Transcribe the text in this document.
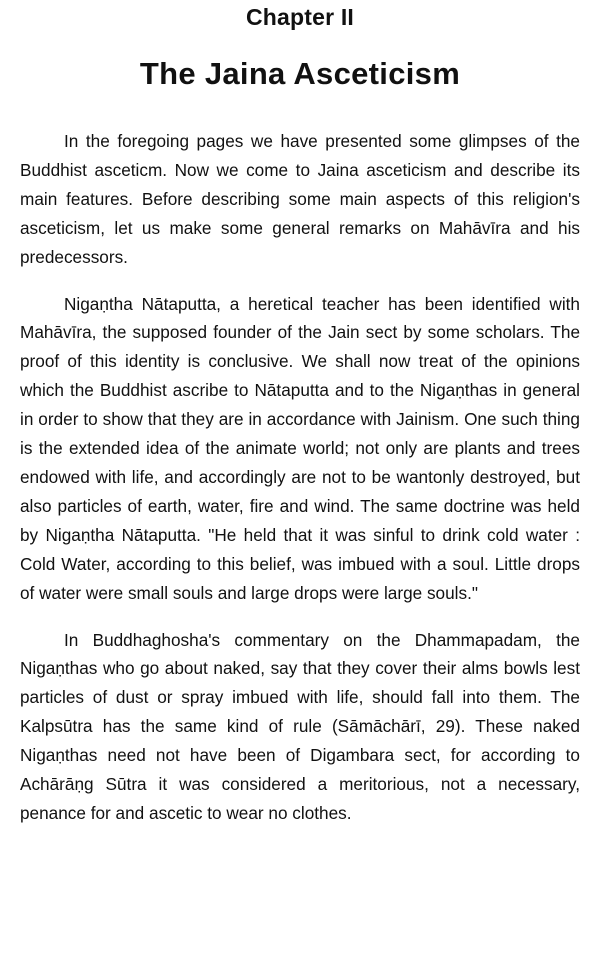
Chapter II
The Jaina Asceticism

In the foregoing pages we have presented some glimpses of the Buddhist asceticm. Now we come to Jaina asceticism and describe its main features. Before describing some main aspects of this religion's asceticism, let us make some general remarks on Mahāvīra and his predecessors.

Nigaṇtha Nātaputta, a heretical teacher has been identified with Mahāvīra, the supposed founder of the Jain sect by some scholars. The proof of this identity is conclusive. We shall now treat of the opinions which the Buddhist ascribe to Nātaputta and to the Nigaṇthas in general in order to show that they are in accordance with Jainism. One such thing is the extended idea of the animate world; not only are plants and trees endowed with life, and accordingly are not to be wantonly destroyed, but also particles of earth, water, fire and wind. The same doctrine was held by Nigaṇtha Nātaputta. "He held that it was sinful to drink cold water : Cold Water, according to this belief, was imbued with a soul. Little drops of water were small souls and large drops were large souls."

In Buddhaghosha's commentary on the Dhammapadam, the Nigaṇthas who go about naked, say that they cover their alms bowls lest particles of dust or spray imbued with life, should fall into them. The Kalpsūtra has the same kind of rule (Sāmāchārī, 29). These naked Nigaṇthas need not have been of Digambara sect, for according to Achārāṇg Sūtra it was considered a meritorious, not a necessary, penance for and ascetic to wear no clothes.
